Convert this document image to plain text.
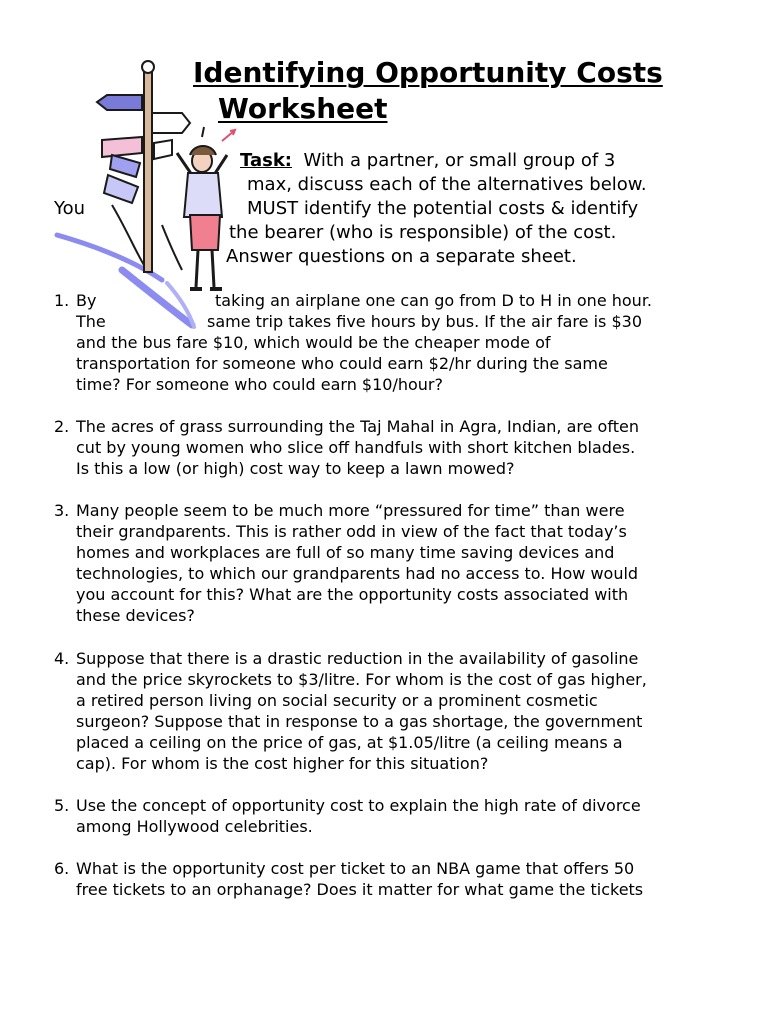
Identifying Opportunity Costs
Worksheet
Task: With a partner, or small group of 3
max, discuss each of the alternatives below.
You	MUST identify the potential costs & identify
the bearer (who is responsible) of the cost.
Answer questions on a separate sheet.
1. By	taking an airplane one can go from D to H in one hour.
The	same trip takes five hours by bus. If the air fare is $30
and the bus fare $10, which would be the cheaper mode of
transportation for someone who could earn $2/hr during the same
time? For someone who could earn $10/hour?
2. The acres of grass surrounding the Taj Mahal in Agra, Indian, are often
cut by young women who slice off handfuls with short kitchen blades.
Is this a low (or high) cost way to keep a lawn mowed?
3. Many people seem to be much more “pressured for time” than were
their grandparents. This is rather odd in view of the fact that today’s
homes and workplaces are full of so many time saving devices and
technologies, to which our grandparents had no access to. How would
you account for this? What are the opportunity costs associated with
these devices?
4. Suppose that there is a drastic reduction in the availability of gasoline
and the price skyrockets to $3/litre. For whom is the cost of gas higher,
a retired person living on social security or a prominent cosmetic
surgeon? Suppose that in response to a gas shortage, the government
placed a ceiling on the price of gas, at $1.05/litre (a ceiling means a
cap). For whom is the cost higher for this situation?
5. Use the concept of opportunity cost to explain the high rate of divorce
among Hollywood celebrities.
6. What is the opportunity cost per ticket to an NBA game that offers 50
free tickets to an orphanage? Does it matter for what game the tickets
